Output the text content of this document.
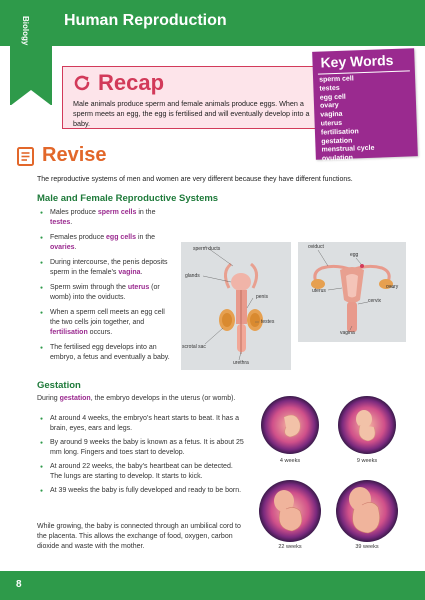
Human Reproduction
Biology
Recap
Male animals produce sperm and female animals produce eggs. When a sperm meets an egg, the egg is fertilised and will eventually develop into a baby.
Key Words
sperm cell
testes
egg cell
ovary
vagina
uterus
fertilisation
gestation
menstrual cycle
ovulation
Revise
The reproductive systems of men and women are very different because they have different functions.
Male and Female Reproductive Systems
● Males produce sperm cells in the testes.
● Females produce egg cells in the ovaries.
● During intercourse, the penis deposits sperm in the female’s vagina.
● Sperm swim through the uterus (or womb) into the oviducts.
● When a sperm cell meets an egg cell the two cells join together, and fertilisation occurs.
● The fertilised egg develops into an embryo, a fetus and eventually a baby.
sperm ducts
glands
penis
testes
scrotal sac
urethra
oviduct
egg
ovary
uterus
cervix
vagina
Gestation
During gestation, the embryo develops in the uterus (or womb).
● At around 4 weeks, the embryo’s heart starts to beat. It has a brain, eyes, ears and legs.
● By around 9 weeks the baby is known as a fetus. It is about 25 mm long. Fingers and toes start to develop.
● At around 22 weeks, the baby’s heartbeat can be detected. The lungs are starting to develop. It starts to kick.
● At 39 weeks the baby is fully developed and ready to be born.
While growing, the baby is connected through an umbilical cord to the placenta. This allows the exchange of food, oxygen, carbon dioxide and waste with the mother.
4 weeks	9 weeks
22 weeks	39 weeks
8
